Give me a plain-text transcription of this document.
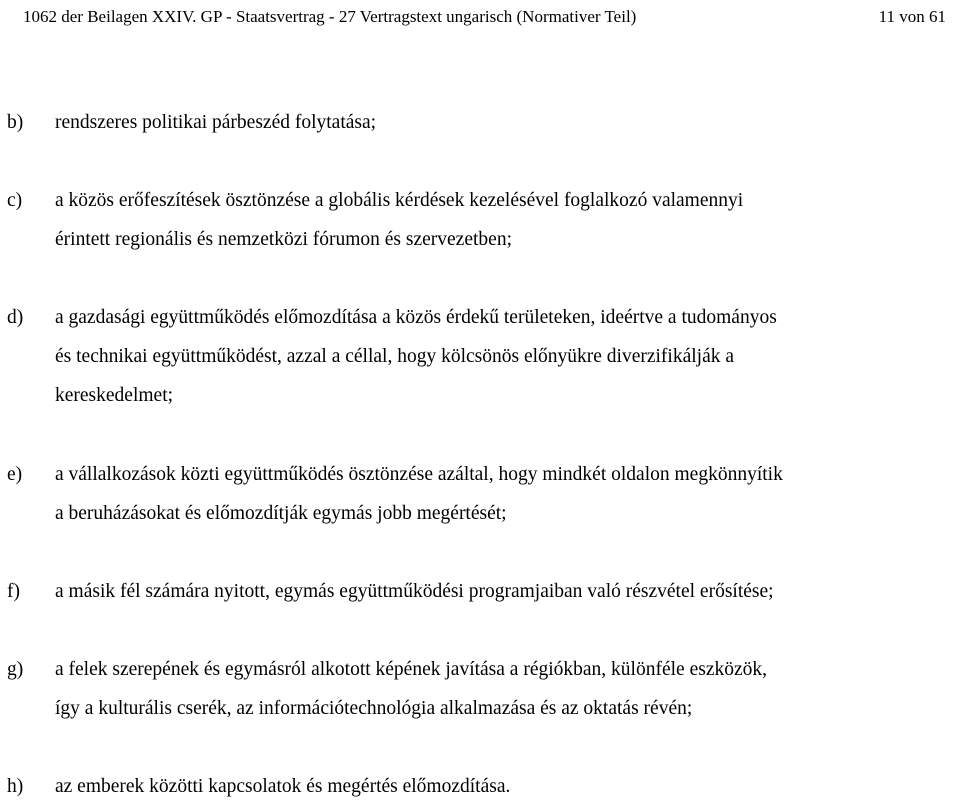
1062 der Beilagen XXIV. GP - Staatsvertrag - 27 Vertragstext ungarisch (Normativer Teil)	11 von 61
b) rendszeres politikai párbeszéd folytatása;
c) a közös erőfeszítések ösztönzése a globális kérdések kezelésével foglalkozó valamennyi
érintett regionális és nemzetközi fórumon és szervezetben;
d) a gazdasági együttműködés előmozdítása a közös érdekű területeken, ideértve a tudományos
és technikai együttműködést, azzal a céllal, hogy kölcsönös előnyükre diverzifikálják a
kereskedelmet;
e) a vállalkozások közti együttműködés ösztönzése azáltal, hogy mindkét oldalon megkönnyítik
a beruházásokat és előmozdítják egymás jobb megértését;
f) a másik fél számára nyitott, egymás együttműködési programjaiban való részvétel erősítése;
g) a felek szerepének és egymásról alkotott képének javítása a régiókban, különféle eszközök,
így a kulturális cserék, az információtechnológia alkalmazása és az oktatás révén;
h) az emberek közötti kapcsolatok és megértés előmozdítása.
